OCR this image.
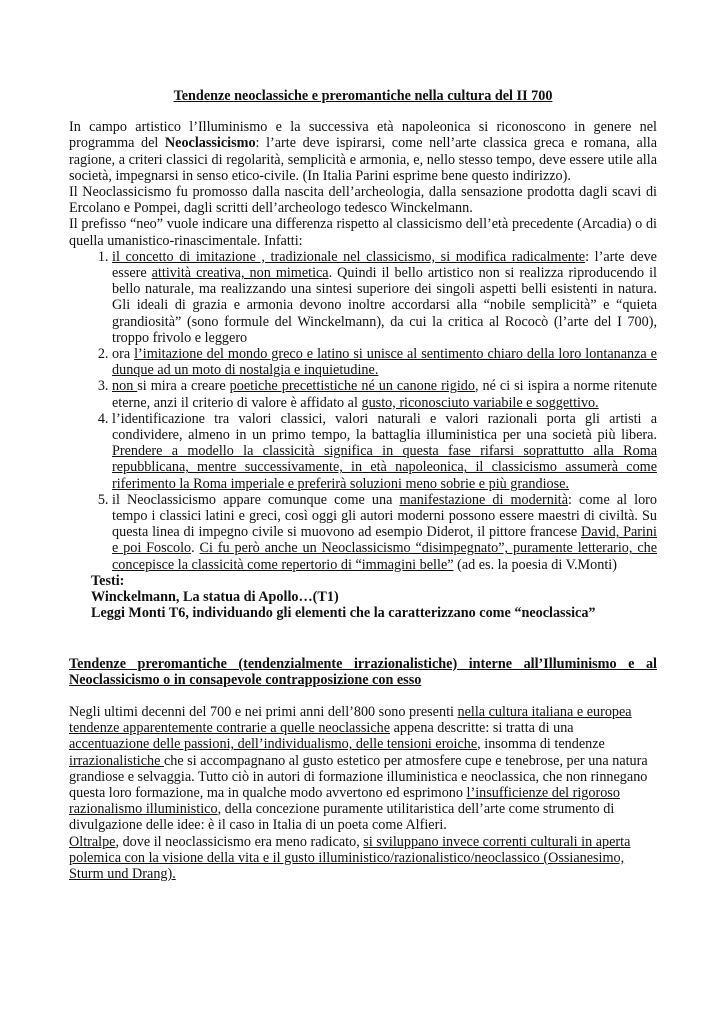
Tendenze neoclassiche e preromantiche nella cultura del II 700

In campo artistico l’Illuminismo e la successiva età napoleonica si riconoscono in genere nel programma del Neoclassicismo: l’arte deve ispirarsi, come nell’arte classica greca e romana, alla ragione, a criteri classici di regolarità, semplicità e armonia, e, nello stesso tempo, deve essere utile alla società, impegnarsi in senso etico-civile. (In Italia Parini esprime bene questo indirizzo).

Il Neoclassicismo fu promosso dalla nascita dell’archeologia, dalla sensazione prodotta dagli scavi di Ercolano e Pompei, dagli scritti dell’archeologo tedesco Winckelmann.

Il prefisso “neo” vuole indicare una differenza rispetto al classicismo dell’età precedente (Arcadia) o di quella umanistico-rinascimentale. Infatti:

1. il concetto di imitazione , tradizionale nel classicismo, si modifica radicalmente: l’arte deve essere attività creativa, non mimetica. Quindi il bello artistico non si realizza riproducendo il bello naturale, ma realizzando una sintesi superiore dei singoli aspetti belli esistenti in natura. Gli ideali di grazia e armonia devono inoltre accordarsi alla “nobile semplicità” e “quieta grandiosità” (sono formule del Winckelmann), da cui la critica al Rococò (l’arte del I 700), troppo frivolo e leggero
2. ora l’imitazione del mondo greco e latino si unisce al sentimento chiaro della loro lontananza e dunque ad un moto di nostalgia e inquietudine.
3. non si mira a creare poetiche precettistiche né un canone rigido, né ci si ispira a norme ritenute eterne, anzi il criterio di valore è affidato al gusto, riconosciuto variabile e soggettivo.
4. l’identificazione tra valori classici, valori naturali e valori razionali porta gli artisti a condividere, almeno in un primo tempo, la battaglia illuministica per una società più libera. Prendere a modello la classicità significa in questa fase rifarsi soprattutto alla Roma repubblicana, mentre successivamente, in età napoleonica, il classicismo assumerà come riferimento la Roma imperiale e preferirà soluzioni meno sobrie e più grandiose.
5. il Neoclassicismo appare comunque come una manifestazione di modernità: come al loro tempo i classici latini e greci, così oggi gli autori moderni possono essere maestri di civiltà. Su questa linea di impegno civile si muovono ad esempio Diderot, il pittore francese David, Parini e poi Foscolo. Ci fu però anche un Neoclassicismo “disimpegnato”, puramente letterario, che concepisce la classicità come repertorio di “immagini belle” (ad es. la poesia di V.Monti)
Testi:
Winckelmann, La statua di Apollo…(T1)
Leggi Monti T6, individuando gli elementi che la caratterizzano come “neoclassica”
Tendenze preromantiche (tendenzialmente irrazionalistiche) interne all’Illuminismo e al Neoclassicismo o in consapevole contrapposizione con esso

Negli ultimi decenni del 700 e nei primi anni dell’800 sono presenti nella cultura italiana e europea tendenze apparentemente contrarie a quelle neoclassiche appena descritte: si tratta di una accentuazione delle passioni, dell’individualismo, delle tensioni eroiche, insomma di tendenze irrazionalistiche che si accompagnano al gusto estetico per atmosfere cupe e tenebrose, per una natura grandiose e selvaggia. Tutto ciò in autori di formazione illuministica e neoclassica, che non rinnegano questa loro formazione, ma in qualche modo avvertono ed esprimono l’insufficienze del rigoroso razionalismo illuministico, della concezione puramente utilitaristica dell’arte come strumento di divulgazione delle idee: è il caso in Italia di un poeta come Alfieri.

Oltralpe, dove il neoclassicismo era meno radicato, si sviluppano invece correnti culturali in aperta polemica con la visione della vita e il gusto illuministico/razionalistico/neoclassico (Ossianesimo, Sturm und Drang).
